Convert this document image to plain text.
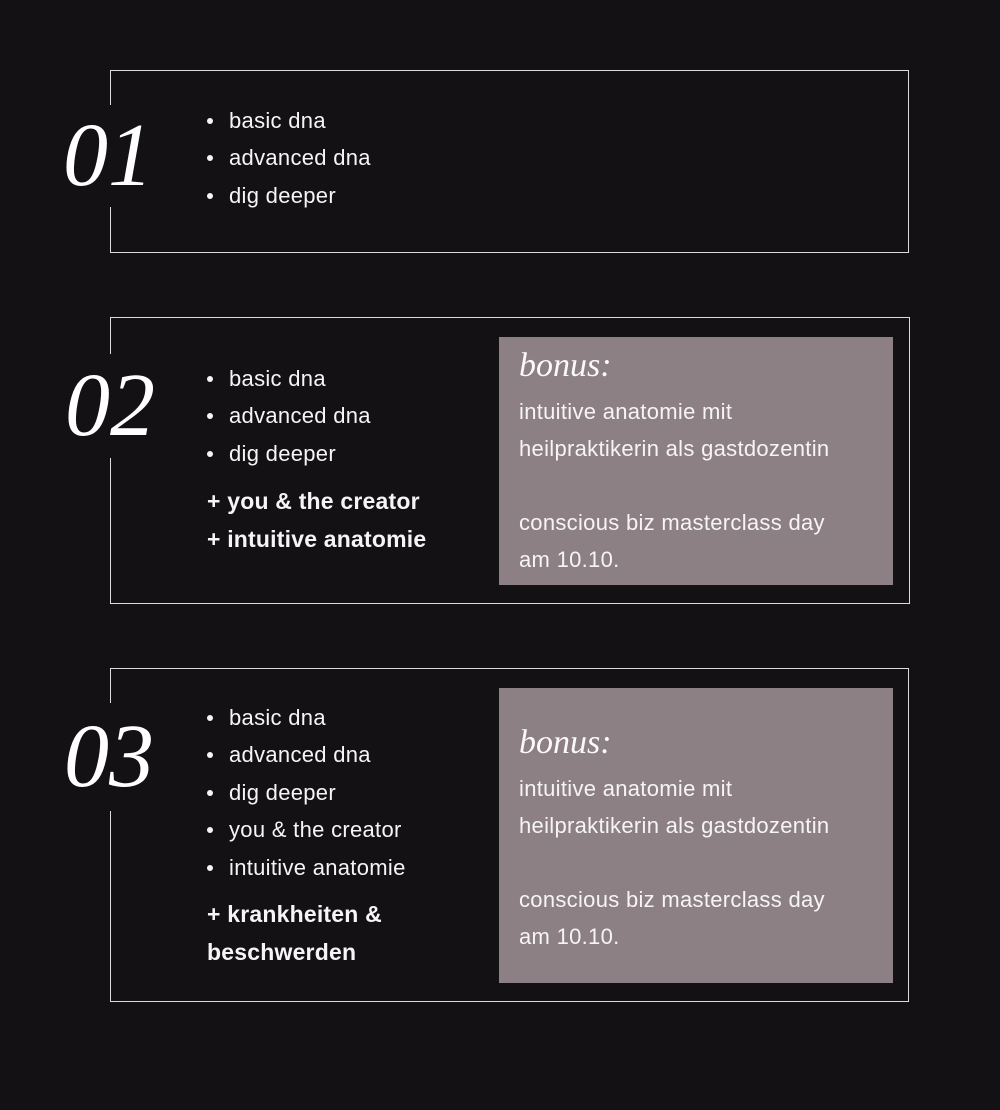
01	basic dna
advanced dna
dig deeper
02	basic dna
advanced dna
dig deeper
+ you & the creator
+ intuitive anatomie
bonus:

intuitive anatomie mit heilpraktikerin als gastdozentin

conscious biz masterclass day am 10.10.

03	basic dna
advanced dna
dig deeper
you & the creator
intuitive anatomie
+ krankheiten & beschwerden
bonus:

intuitive anatomie mit heilpraktikerin als gastdozentin

conscious biz masterclass day am 10.10.
